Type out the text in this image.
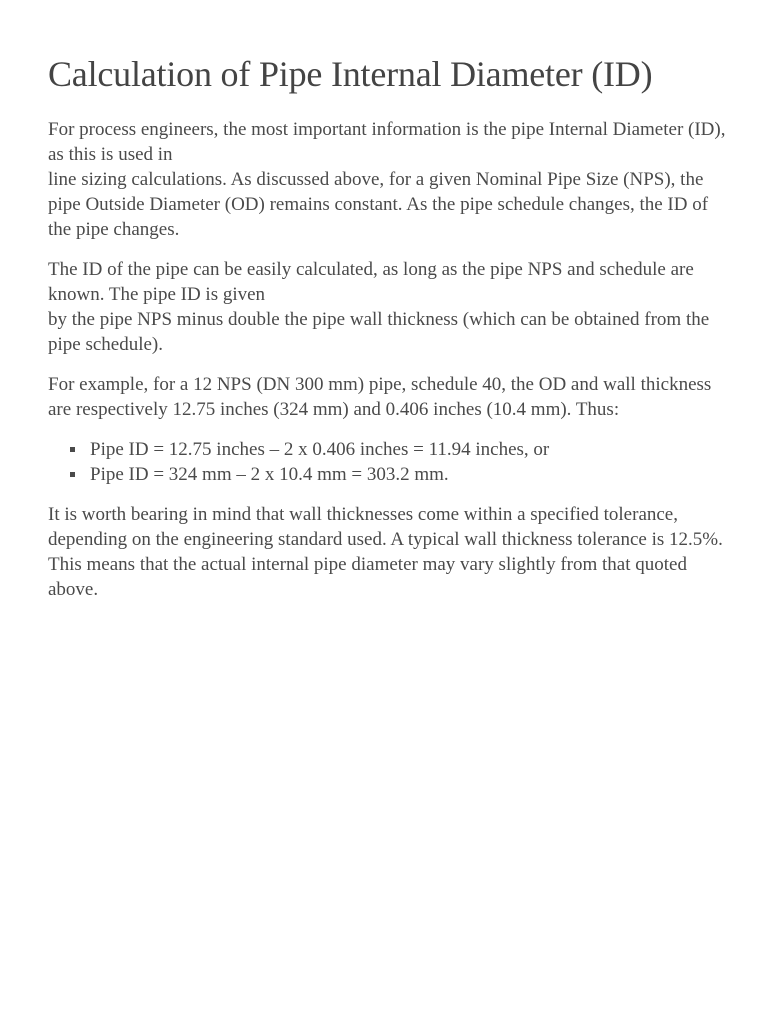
Calculation of Pipe Internal Diameter (ID)

For process engineers, the most important information is the pipe Internal Diameter (ID), as this is used in
line sizing calculations. As discussed above, for a given Nominal Pipe Size (NPS), the pipe Outside Diameter (OD) remains constant. As the pipe schedule changes, the ID of the pipe changes.

The ID of the pipe can be easily calculated, as long as the pipe NPS and schedule are known. The pipe ID is given
by the pipe NPS minus double the pipe wall thickness (which can be obtained from the pipe schedule).

For example, for a 12 NPS (DN 300 mm) pipe, schedule 40, the OD and wall thickness are respectively 12.75 inches (324 mm) and 0.406 inches (10.4 mm). Thus:

Pipe ID = 12.75 inches – 2 x 0.406 inches = 11.94 inches, or
Pipe ID = 324 mm – 2 x 10.4 mm = 303.2 mm.

It is worth bearing in mind that wall thicknesses come within a specified tolerance, depending on the engineering standard used. A typical wall thickness tolerance is 12.5%. This means that the actual internal pipe diameter may vary slightly from that quoted above.
